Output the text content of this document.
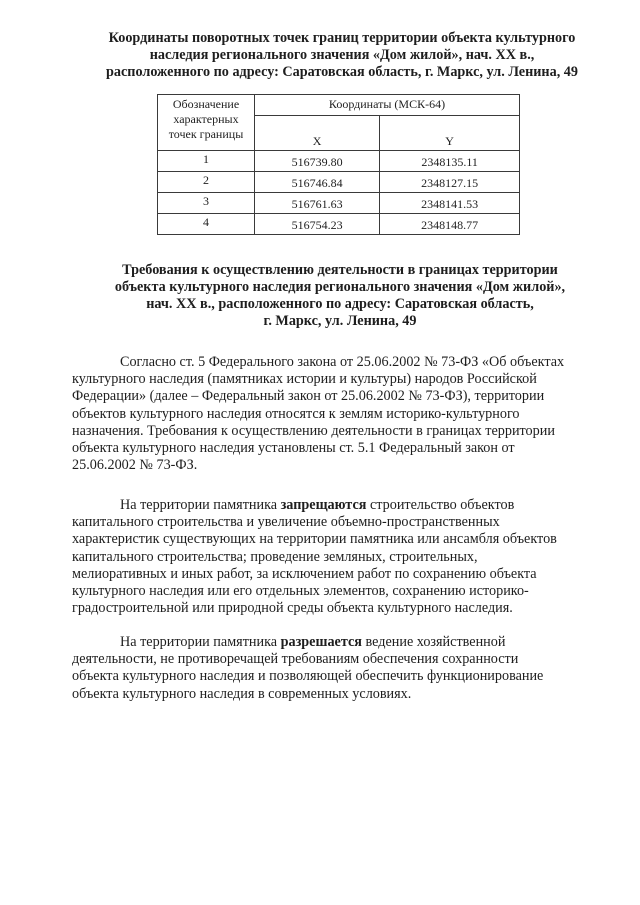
Координаты поворотных точек границ территории объекта культурного
наследия регионального значения «Дом жилой», нач. XX в.,
расположенного по адресу: Саратовская область, г. Маркс, ул. Ленина, 49
Обозначение
характерных
точек границы	Координаты (МСК-64)	
	X	Y
1	516739.80	2348135.11
2	516746.84	2348127.15
3	516761.63	2348141.53
4	516754.23	2348148.77
Требования к осуществлению деятельности в границах территории
объекта культурного наследия регионального значения «Дом жилой»,
нач. XX в., расположенного по адресу: Саратовская область,
г. Маркс, ул. Ленина, 49
Согласно ст. 5 Федерального закона от 25.06.2002 № 73-ФЗ «Об объектах
культурного наследия (памятниках истории и культуры) народов Российской
Федерации» (далее – Федеральный закон от 25.06.2002 № 73-ФЗ), территории
объектов культурного наследия относятся к землям историко-культурного
назначения. Требования к осуществлению деятельности в границах территории
объекта культурного наследия установлены ст. 5.1 Федеральный закон от
25.06.2002 № 73-ФЗ.
На территории памятника запрещаются строительство объектов
капитального строительства и увеличение объемно-пространственных
характеристик существующих на территории памятника или ансамбля объектов
капитального строительства; проведение земляных, строительных,
мелиоративных и иных работ, за исключением работ по сохранению объекта
культурного наследия или его отдельных элементов, сохранению историко-
градостроительной или природной среды объекта культурного наследия.
На территории памятника разрешается ведение хозяйственной
деятельности, не противоречащей требованиям обеспечения сохранности
объекта культурного наследия и позволяющей обеспечить функционирование
объекта культурного наследия в современных условиях.
